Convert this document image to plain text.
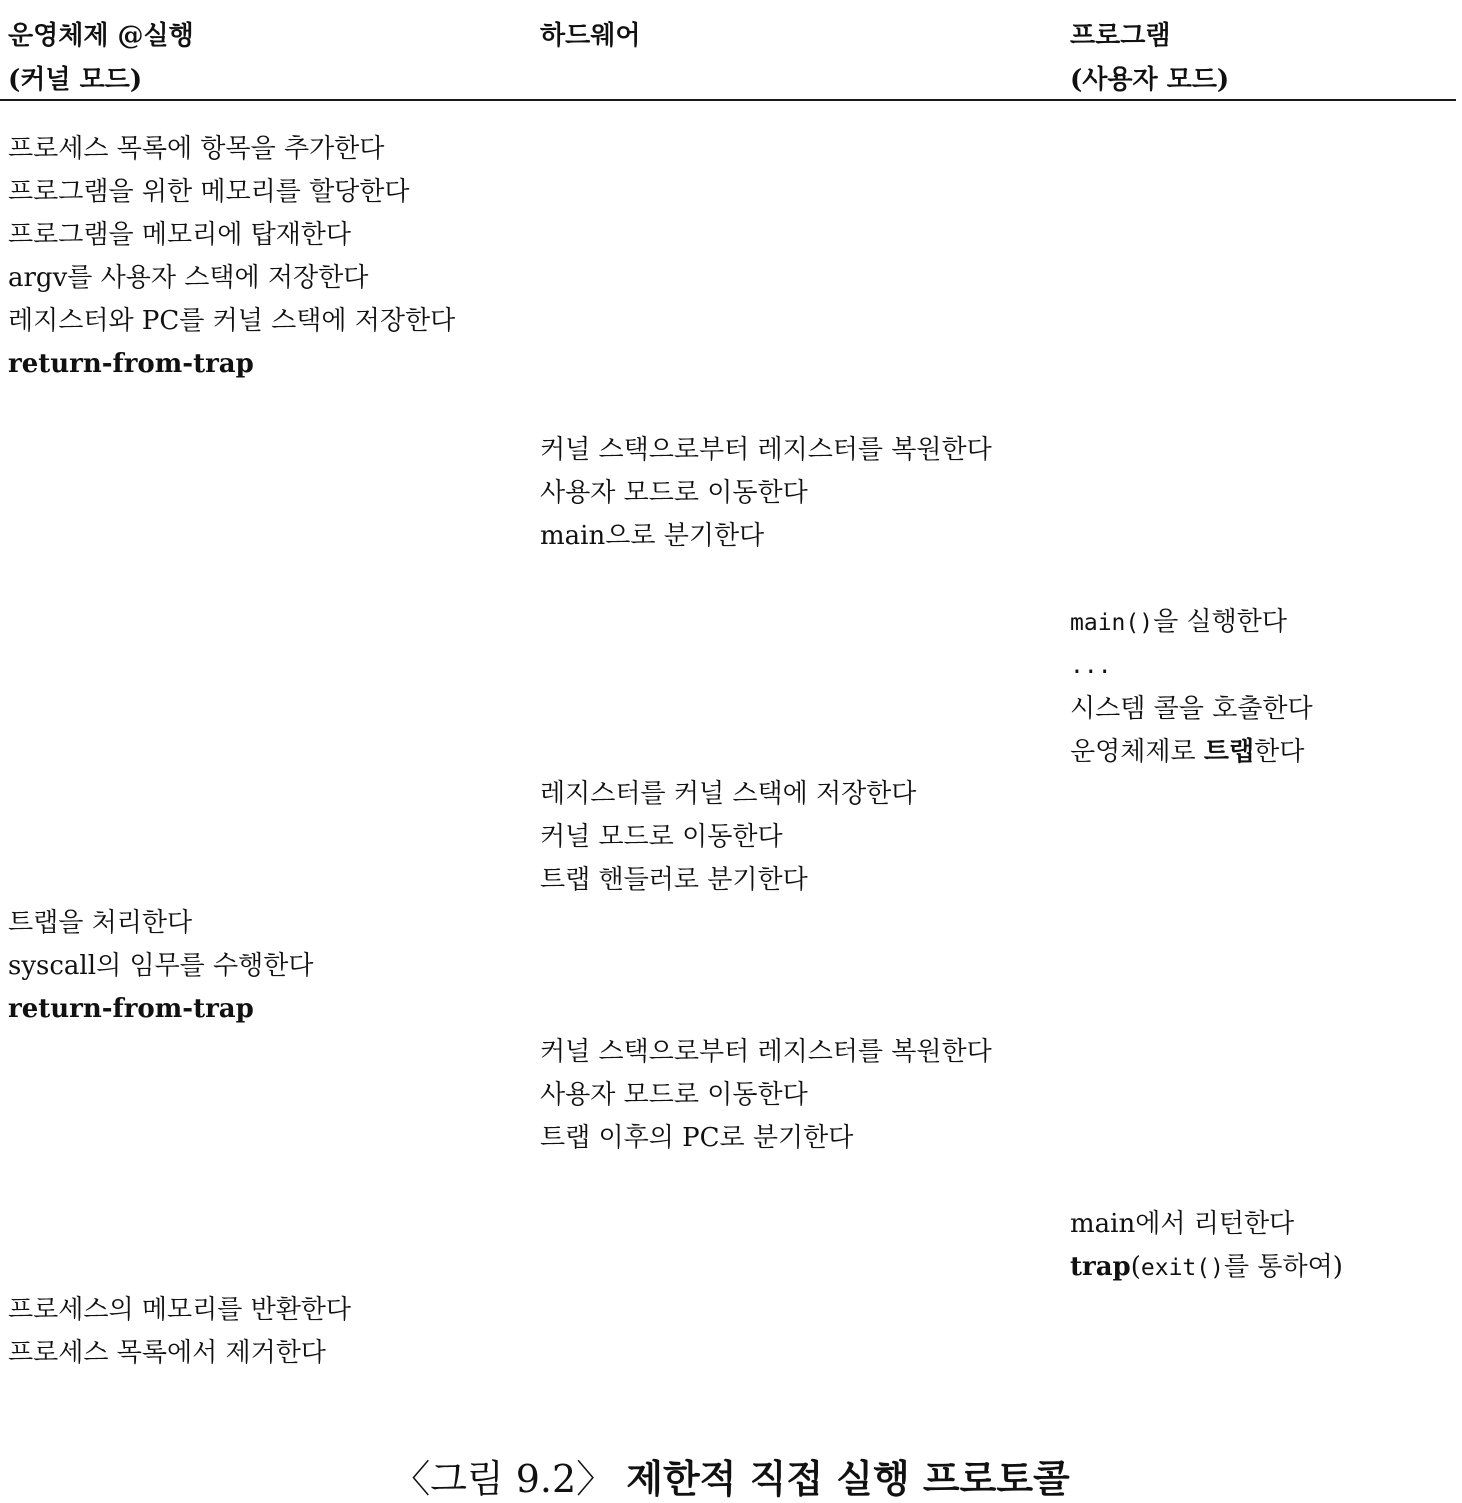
운영체제 @실행
(커널 모드)
하드웨어	프로그램
(사용자 모드)
프로세스 목록에 항목을 추가한다
프로그램을 위한 메모리를 할당한다
프로그램을 메모리에 탑재한다
argv를 사용자 스택에 저장한다
레지스터와 PC를 커널 스택에 저장한다
return-from-trap
커널 스택으로부터 레지스터를 복원한다
사용자 모드로 이동한다
main으로 분기한다
main()을 실행한다
...
시스템 콜을 호출한다
운영체제로 트랩한다
레지스터를 커널 스택에 저장한다
커널 모드로 이동한다
트랩 핸들러로 분기한다
트랩을 처리한다
syscall의 임무를 수행한다
return-from-trap
커널 스택으로부터 레지스터를 복원한다
사용자 모드로 이동한다
트랩 이후의 PC로 분기한다
main에서 리턴한다
trap(exit()를 통하여)
프로세스의 메모리를 반환한다
프로세스 목록에서 제거한다
〈그림 9.2〉 제한적 직접 실행 프로토콜
